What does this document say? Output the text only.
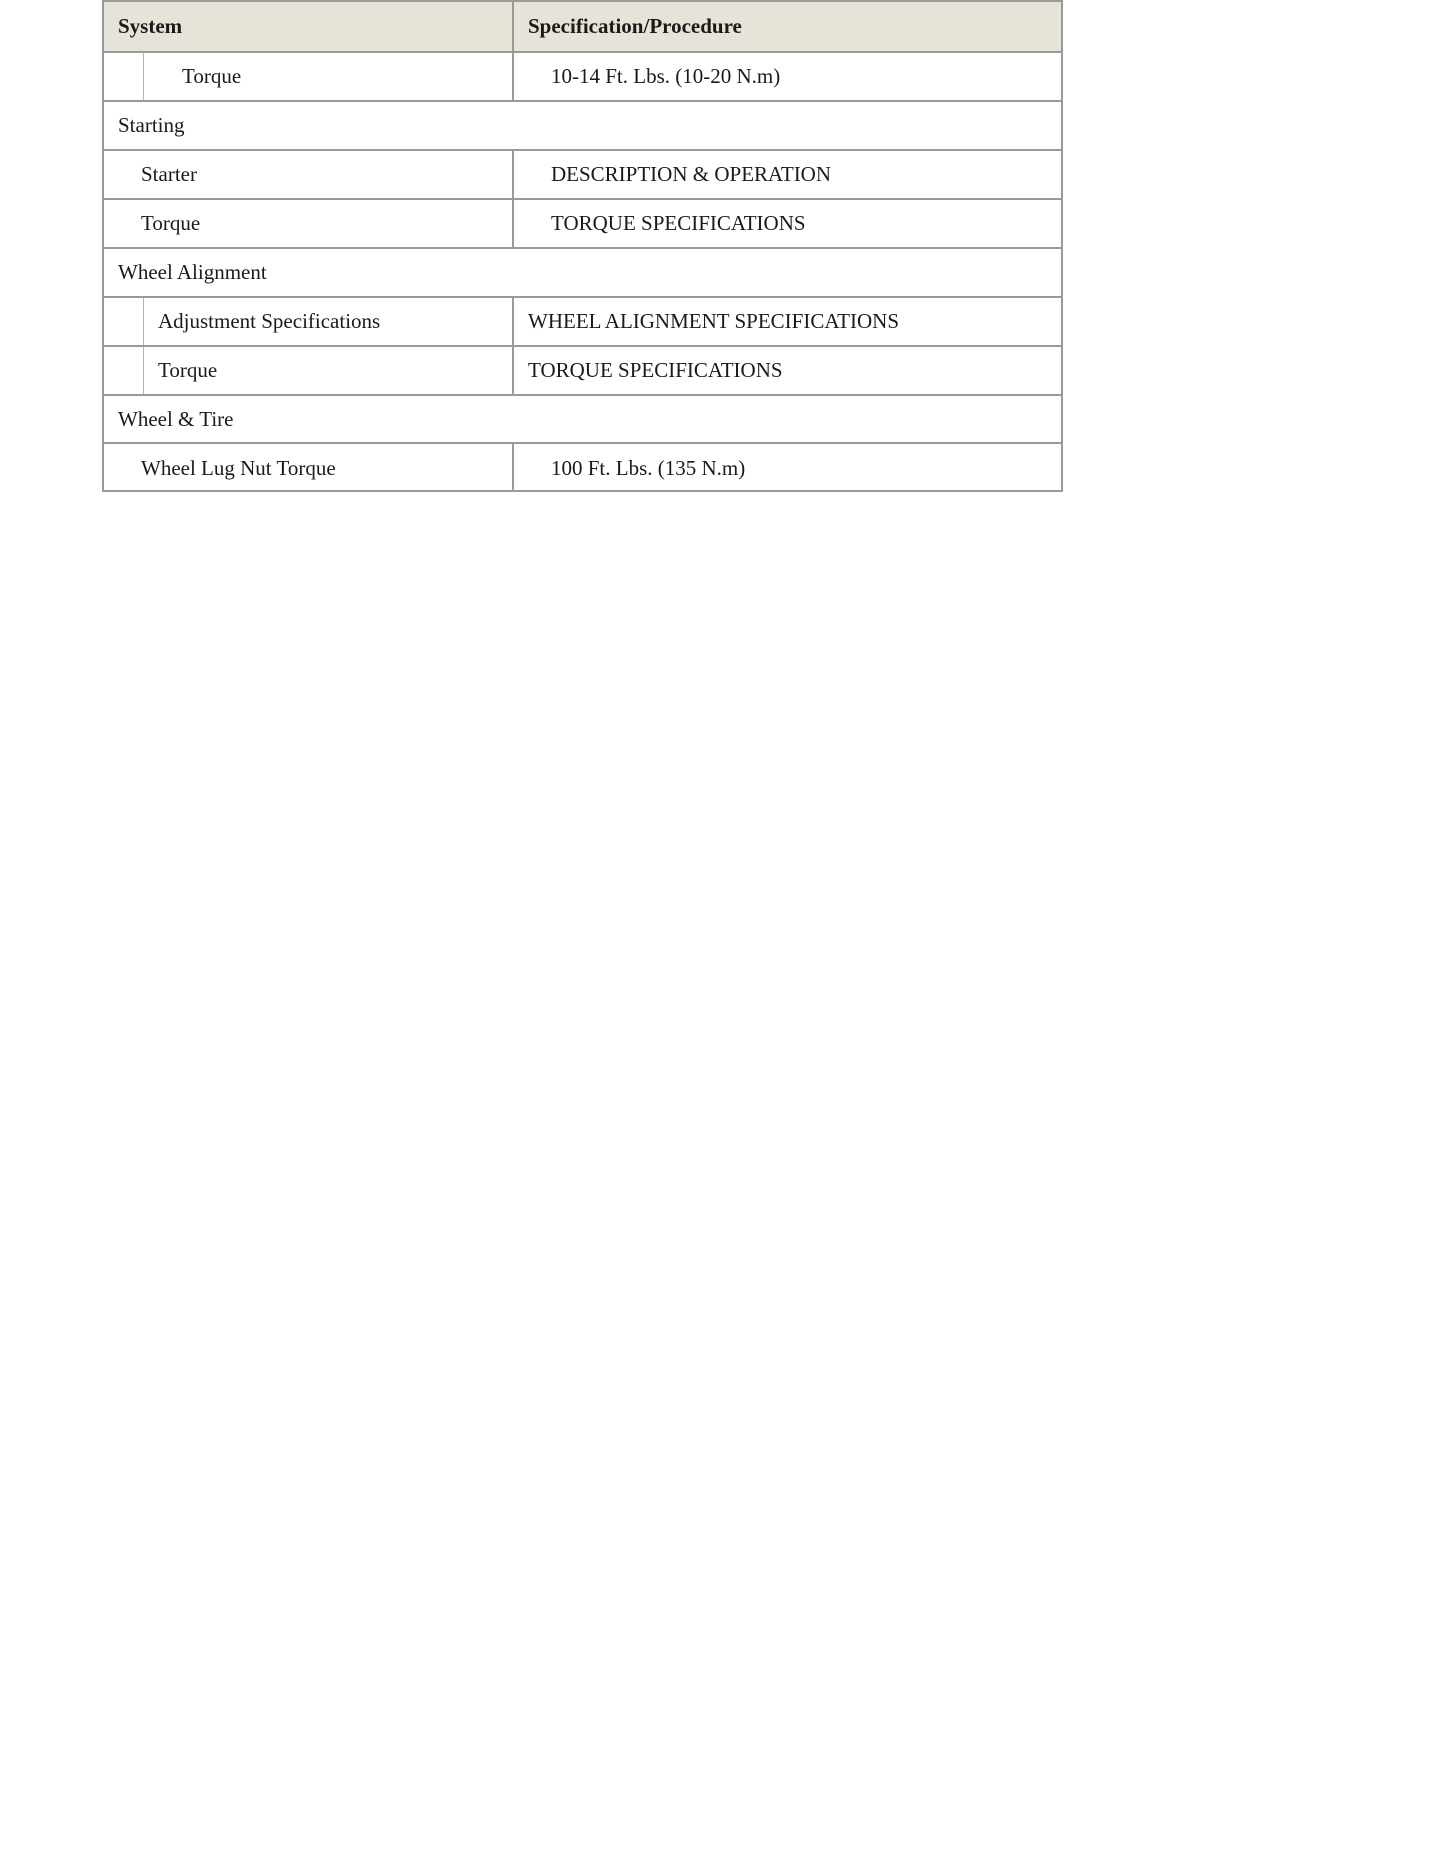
System	Specification/Procedure
Torque	10-14 Ft. Lbs. (10-20 N.m)
Starting
Starter	DESCRIPTION & OPERATION
Torque	TORQUE SPECIFICATIONS
Wheel Alignment
Adjustment Specifications	WHEEL ALIGNMENT SPECIFICATIONS
Torque	TORQUE SPECIFICATIONS
Wheel & Tire
Wheel Lug Nut Torque	100 Ft. Lbs. (135 N.m)
